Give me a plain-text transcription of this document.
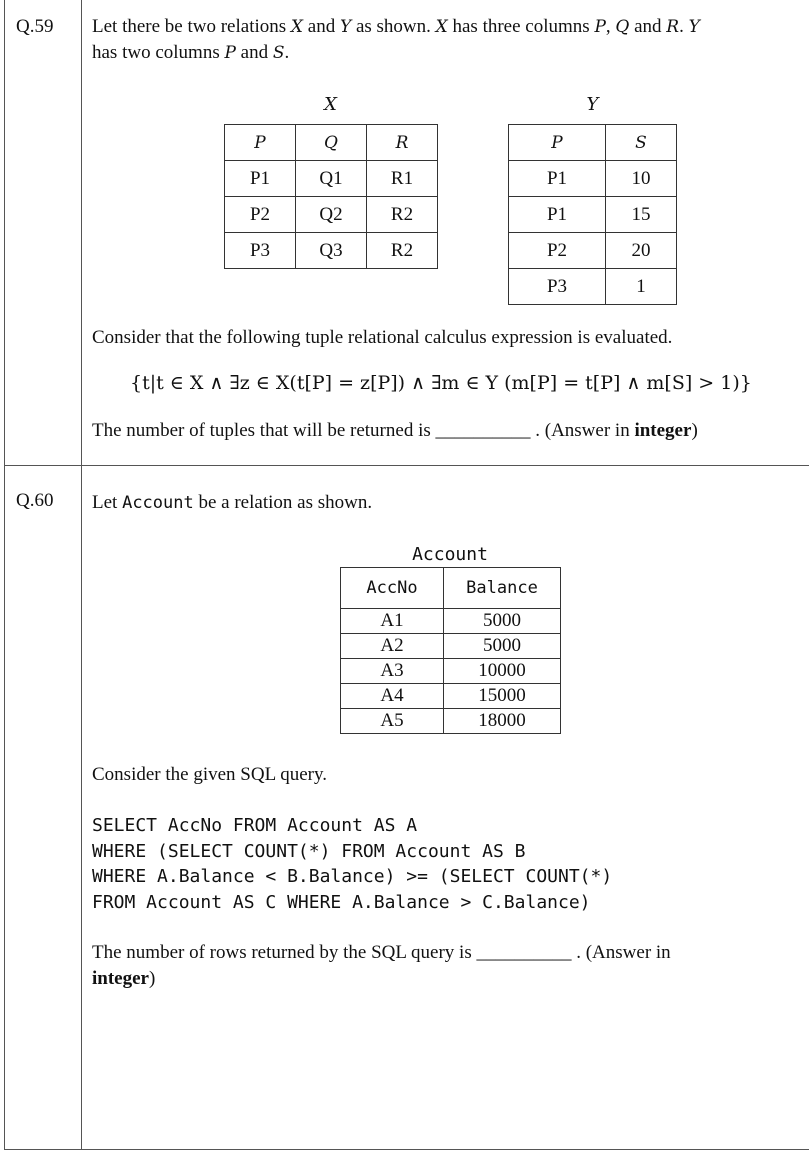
Q.59 Let there be two relations X and Y as shown. X has three columns P, Q and R. Y
has two columns P and S.
X
P	Q	R
P1	Q1	R1
P2	Q2	R2
P3	Q3	R2
Y
P	S
P1	10
P1	15
P2	20
P3	1
Consider that the following tuple relational calculus expression is evaluated.
{t|t ∈ X ∧ ∃z ∈ X(t[P] = z[P]) ∧ ∃m ∈ Y (m[P] = t[P] ∧ m[S] > 1)}
The number of tuples that will be returned is __________ . (Answer in integer)
Q.60 Let Account be a relation as shown.
Account
AccNo	Balance
A1	5000
A2	5000
A3	10000
A4	15000
A5	18000
Consider the given SQL query.
SELECT AccNo FROM Account AS A
WHERE (SELECT COUNT(*) FROM Account AS B
WHERE A.Balance < B.Balance) >= (SELECT COUNT(*)
FROM Account AS C WHERE A.Balance > C.Balance)
The number of rows returned by the SQL query is __________ . (Answer in
integer)
